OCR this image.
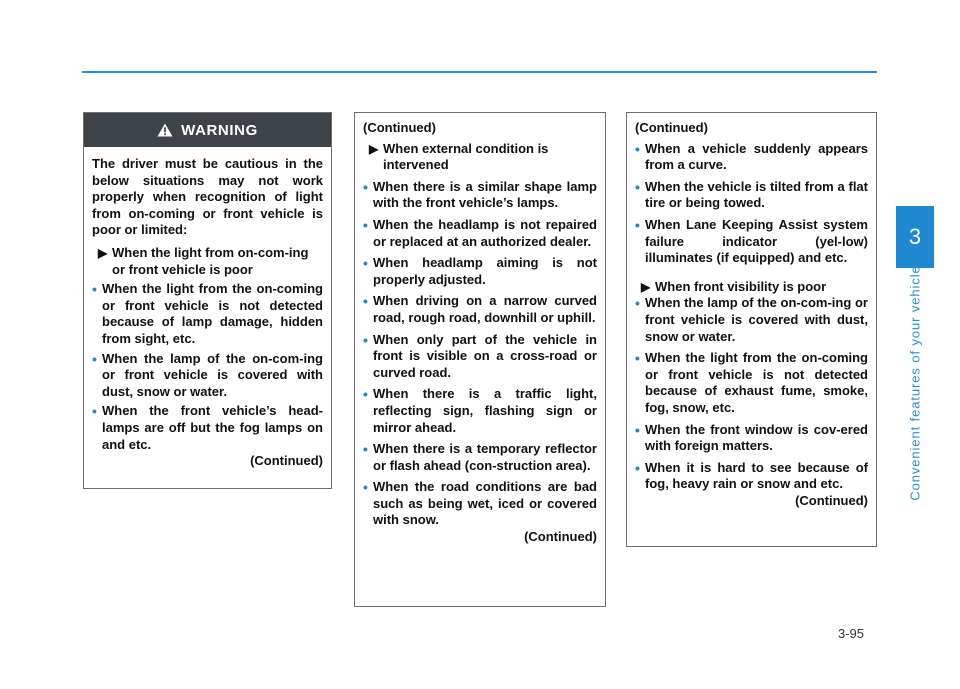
3
Convenient features of your vehicle
3-95
WARNING

The driver must be cautious in the below situations may not work properly when recognition of light from on-coming or front vehicle is poor or limited:

▶ When the light from on-com-ing or front vehicle is poor
• When the light from the on-coming or front vehicle is not detected because of lamp damage, hidden from sight, etc.
• When the lamp of the on-com-ing or front vehicle is covered with dust, snow or water.
• When the front vehicle’s head-lamps are off but the fog lamps on and etc.

(Continued)

(Continued)

▶ When external condition is intervened
• When there is a similar shape lamp with the front vehicle’s lamps.
• When the headlamp is not repaired or replaced at an authorized dealer.
• When headlamp aiming is not properly adjusted.
• When driving on a narrow curved road, rough road, downhill or uphill.
• When only part of the vehicle in front is visible on a cross-road or curved road.
• When there is a traffic light, reflecting sign, flashing sign or mirror ahead.
• When there is a temporary reflector or flash ahead (con-struction area).
• When the road conditions are bad such as being wet, iced or covered with snow.

(Continued)

(Continued)

• When a vehicle suddenly appears from a curve.
• When the vehicle is tilted from a flat tire or being towed.
• When Lane Keeping Assist system failure indicator (yel-low) illuminates (if equipped) and etc.
▶ When front visibility is poor
• When the lamp of the on-com-ing or front vehicle is covered with dust, snow or water.
• When the light from the on-coming or front vehicle is not detected because of exhaust fume, smoke, fog, snow, etc.
• When the front window is cov-ered with foreign matters.
• When it is hard to see because of fog, heavy rain or snow and etc.

(Continued)
